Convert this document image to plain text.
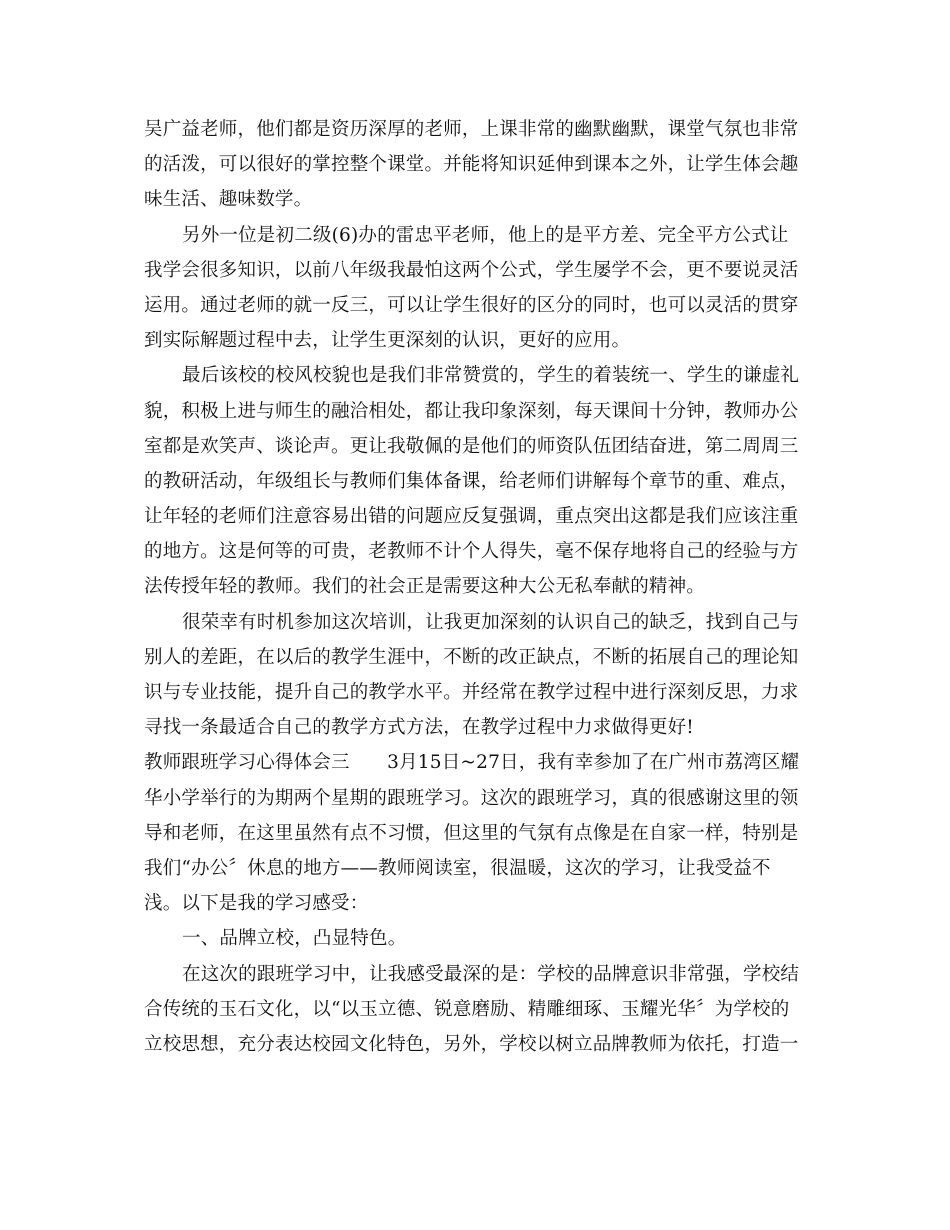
吴广益老师，他们都是资历深厚的老师，上课非常的幽默幽默，课堂气氛也非常
的活泼，可以很好的掌控整个课堂。并能将知识延伸到课本之外，让学生体会趣
味生活、趣味数学。
另外一位是初二级(6)办的雷忠平老师，他上的是平方差、完全平方公式让
我学会很多知识，以前八年级我最怕这两个公式，学生屡学不会，更不要说灵活
运用。通过老师的就一反三，可以让学生很好的区分的同时，也可以灵活的贯穿
到实际解题过程中去，让学生更深刻的认识，更好的应用。
最后该校的校风校貌也是我们非常赞赏的，学生的着装统一、学生的谦虚礼
貌，积极上进与师生的融洽相处，都让我印象深刻，每天课间十分钟，教师办公
室都是欢笑声、谈论声。更让我敬佩的是他们的师资队伍团结奋进，第二周周三
的教研活动，年级组长与教师们集体备课，给老师们讲解每个章节的重、难点，
让年轻的老师们注意容易出错的问题应反复强调，重点突出这都是我们应该注重
的地方。这是何等的可贵，老教师不计个人得失，毫不保存地将自己的经验与方
法传授年轻的教师。我们的社会正是需要这种大公无私奉献的精神。
很荣幸有时机参加这次培训，让我更加深刻的认识自己的缺乏，找到自己与
别人的差距，在以后的教学生涯中，不断的改正缺点，不断的拓展自己的理论知
识与专业技能，提升自己的教学水平。并经常在教学过程中进行深刻反思，力求
寻找一条最适合自己的教学方式方法，在教学过程中力求做得更好!
教师跟班学习心得体会三　　3月15日~27日，我有幸参加了在广州市荔湾区耀
华小学举行的为期两个星期的跟班学习。这次的跟班学习，真的很感谢这里的领
导和老师，在这里虽然有点不习惯，但这里的气氛有点像是在自家一样，特别是
我们“办公〞休息的地方——教师阅读室，很温暖，这次的学习，让我受益不
浅。以下是我的学习感受：
一、品牌立校，凸显特色。
在这次的跟班学习中，让我感受最深的是：学校的品牌意识非常强，学校结
合传统的玉石文化，以“以玉立德、锐意磨励、精雕细琢、玉耀光华〞为学校的
立校思想，充分表达校园文化特色，另外，学校以树立品牌教师为依托，打造一
